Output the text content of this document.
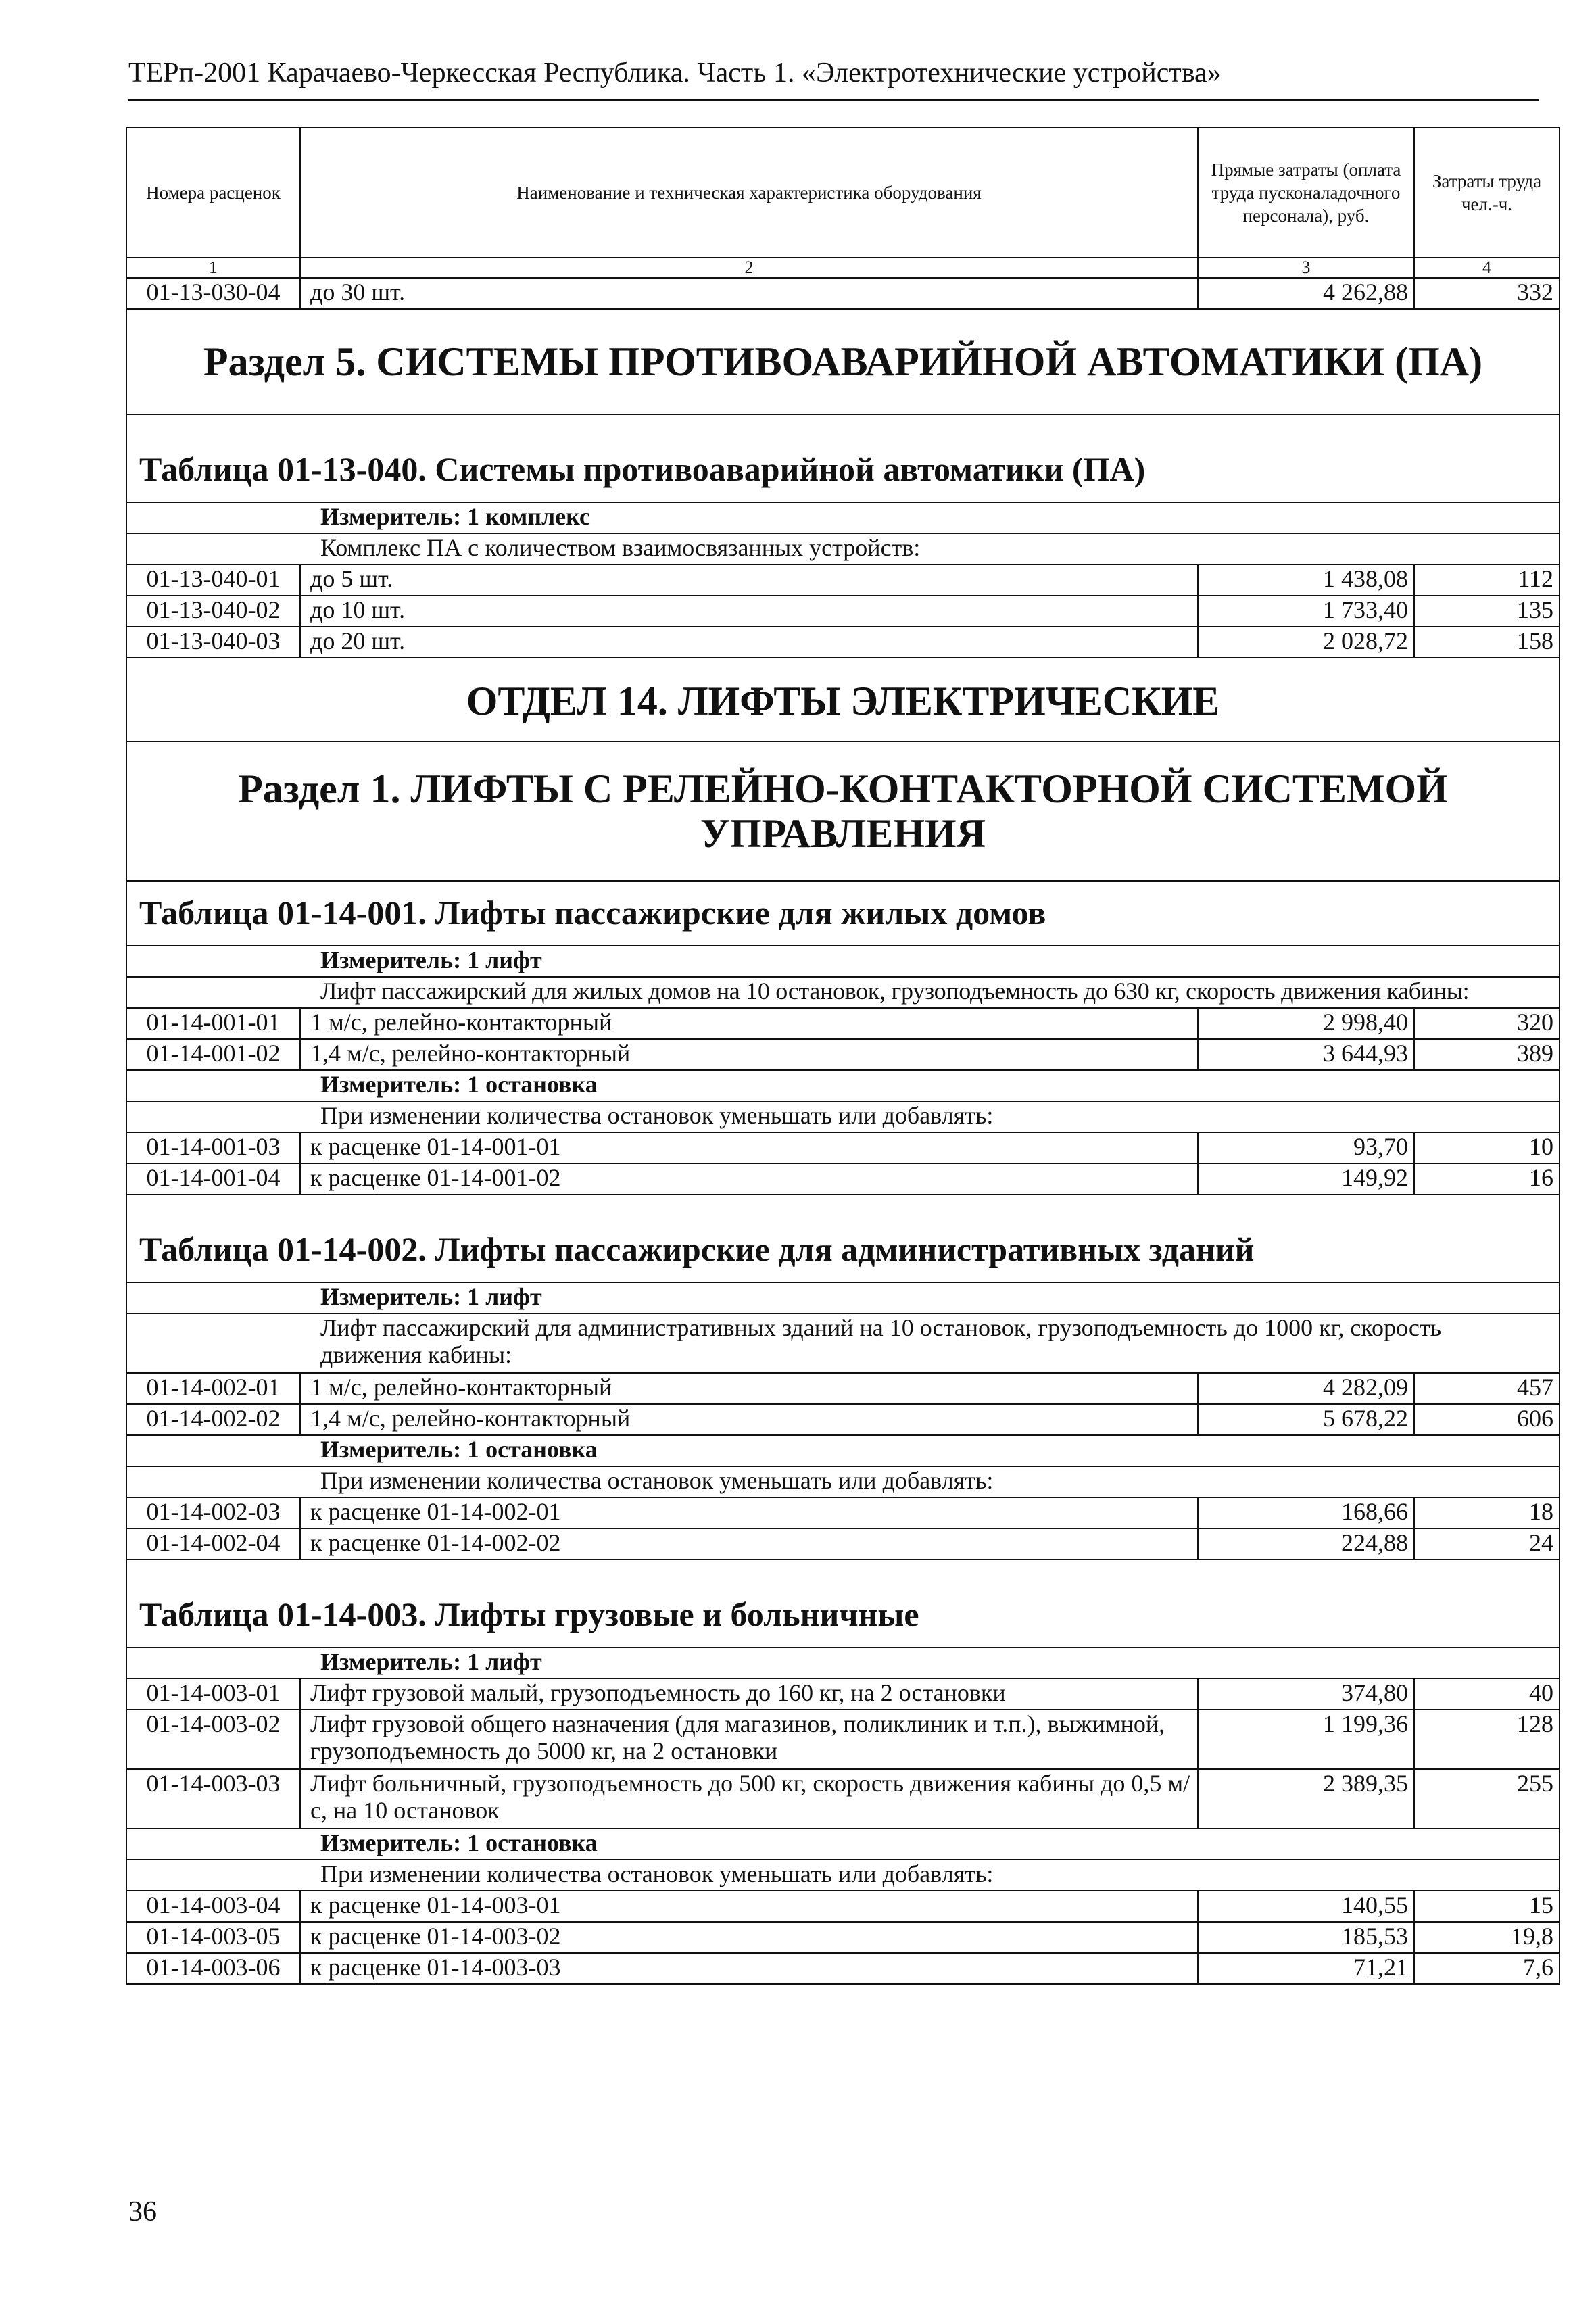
ТЕРп-2001 Карачаево-Черкесская Республика. Часть 1. «Электротехнические устройства»
Номера расценок	Наименование и техническая характеристика оборудования	Прямые затраты (оплата труда пусконаладочного персонала), руб.	Затраты труда чел.-ч.
1	2	3	4
01-13-030-04	до 30 шт.	4 262,88	332
Раздел 5. СИСТЕМЫ ПРОТИВОАВАРИЙНОЙ АВТОМАТИКИ (ПА)			
Таблица 01-13-040. Системы противоаварийной автоматики (ПА)			
Измеритель: 1 комплекс			
Комплекс ПА с количеством взаимосвязанных устройств:			
01-13-040-01	до 5 шт.	1 438,08	112
01-13-040-02	до 10 шт.	1 733,40	135
01-13-040-03	до 20 шт.	2 028,72	158
ОТДЕЛ 14. ЛИФТЫ ЭЛЕКТРИЧЕСКИЕ			
Раздел 1. ЛИФТЫ С РЕЛЕЙНО-КОНТАКТОРНОЙ СИСТЕМОЙ УПРАВЛЕНИЯ			
Таблица 01-14-001. Лифты пассажирские для жилых домов			
Измеритель: 1 лифт			
Лифт пассажирский для жилых домов на 10 остановок, грузоподъемность до 630 кг, скорость движения кабины:			
01-14-001-01	1 м/с, релейно-контакторный	2 998,40	320
01-14-001-02	1,4 м/с, релейно-контакторный	3 644,93	389
Измеритель: 1 остановка			
При изменении количества остановок уменьшать или добавлять:			
01-14-001-03	к расценке 01-14-001-01	93,70	10
01-14-001-04	к расценке 01-14-001-02	149,92	16
Таблица 01-14-002. Лифты пассажирские для административных зданий			
Измеритель: 1 лифт			
Лифт пассажирский для административных зданий на 10 остановок, грузоподъемность до 1000 кг, скорость движения кабины:			
01-14-002-01	1 м/с, релейно-контакторный	4 282,09	457
01-14-002-02	1,4 м/с, релейно-контакторный	5 678,22	606
Измеритель: 1 остановка			
При изменении количества остановок уменьшать или добавлять:			
01-14-002-03	к расценке 01-14-002-01	168,66	18
01-14-002-04	к расценке 01-14-002-02	224,88	24
Таблица 01-14-003. Лифты грузовые и больничные			
Измеритель: 1 лифт			
01-14-003-01	Лифт грузовой малый, грузоподъемность до 160 кг, на 2 остановки	374,80	40
01-14-003-02	Лифт грузовой общего назначения (для магазинов, поликлиник и т.п.), выжимной, грузоподъемность до 5000 кг, на 2 остановки	1 199,36	128
01-14-003-03	Лифт больничный, грузоподъемность до 500 кг, скорость движения кабины до 0,5 м/с, на 10 остановок	2 389,35	255
Измеритель: 1 остановка			
При изменении количества остановок уменьшать или добавлять:			
01-14-003-04	к расценке 01-14-003-01	140,55	15
01-14-003-05	к расценке 01-14-003-02	185,53	19,8
01-14-003-06	к расценке 01-14-003-03	71,21	7,6
36
